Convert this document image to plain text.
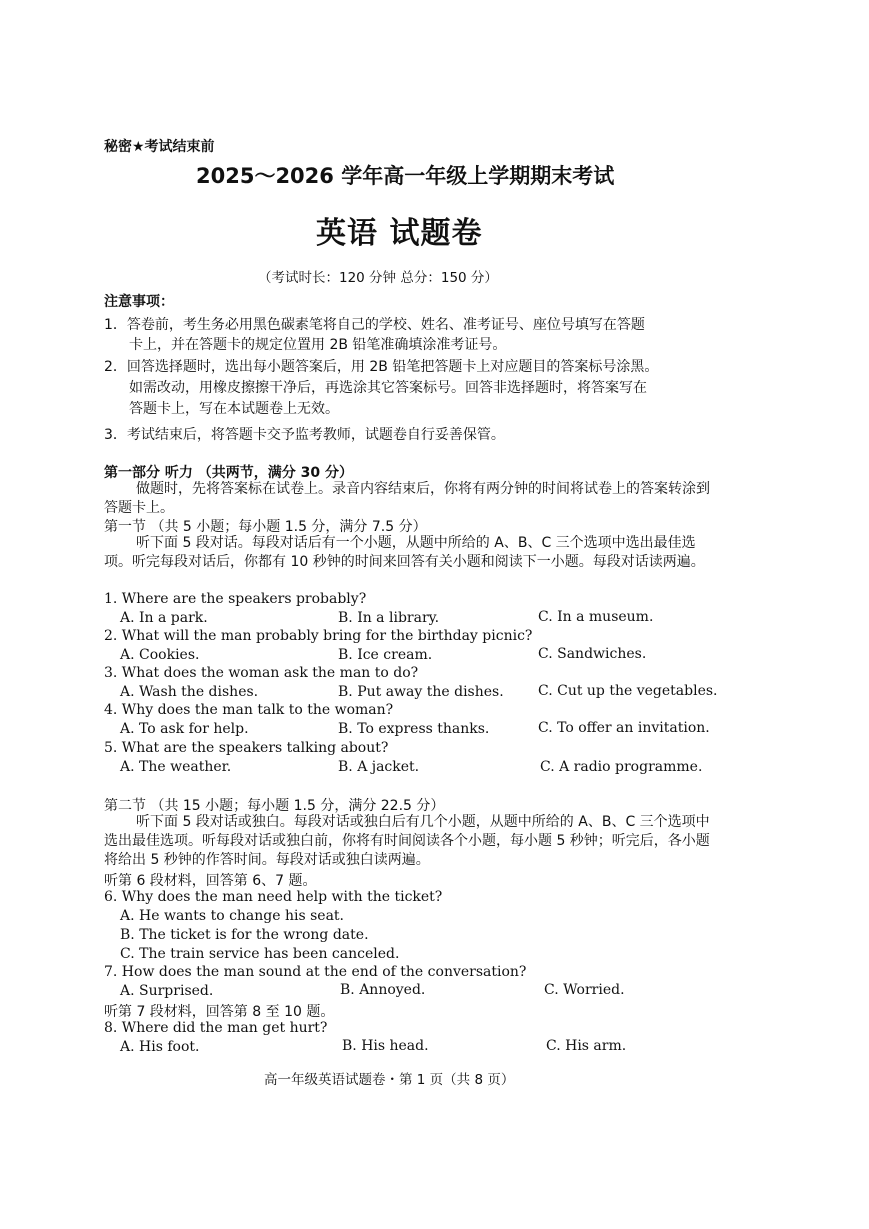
秘密★考试结束前
2025～2026 学年高一年级上学期期末考试
英语 试题卷
（考试时长：120 分钟 总分：150 分）
注意事项：
1．答卷前，考生务必用黑色碳素笔将自己的学校、姓名、准考证号、座位号填写在答题
卡上，并在答题卡的规定位置用 2B 铅笔准确填涂准考证号。
2．回答选择题时，选出每小题答案后，用 2B 铅笔把答题卡上对应题目的答案标号涂黑。
如需改动，用橡皮擦擦干净后，再选涂其它答案标号。回答非选择题时，将答案写在
答题卡上，写在本试题卷上无效。
3．考试结束后，将答题卡交予监考教师，试题卷自行妥善保管。
第一部分 听力 （共两节，满分 30 分）
做题时，先将答案标在试卷上。录音内容结束后，你将有两分钟的时间将试卷上的答案转涂到答题卡上。
第一节 （共 5 小题；每小题 1.5 分，满分 7.5 分）
听下面 5 段对话。每段对话后有一个小题，从题中所给的 A、B、C 三个选项中选出最佳选项。听完每段对话后，你都有 10 秒钟的时间来回答有关小题和阅读下一小题。每段对话读两遍。
1. Where are the speakers probably?
A. In a park.	B. In a library.	C. In a museum.
2. What will the man probably bring for the birthday picnic?
A. Cookies.	B. Ice cream.	C. Sandwiches.
3. What does the woman ask the man to do?
A. Wash the dishes.	B. Put away the dishes. C. Cut up the vegetables.
4. Why does the man talk to the woman?
A. To ask for help.	B. To express thanks.	C. To offer an invitation.
5. What are the speakers talking about?
A. The weather.	B. A jacket.	C. A radio programme.
第二节 （共 15 小题；每小题 1.5 分，满分 22.5 分）
听下面 5 段对话或独白。每段对话或独白后有几个小题，从题中所给的 A、B、C 三个选项中选出最佳选项。听每段对话或独白前，你将有时间阅读各个小题，每小题 5 秒钟；听完后，各小题将给出 5 秒钟的作答时间。每段对话或独白读两遍。
听第 6 段材料，回答第 6、7 题。
6. Why does the man need help with the ticket?
A. He wants to change his seat.
B. The ticket is for the wrong date.
C. The train service has been canceled.
7. How does the man sound at the end of the conversation?
A. Surprised.	B. Annoyed.	C. Worried.
听第 7 段材料，回答第 8 至 10 题。
8. Where did the man get hurt?
A. His foot.	B. His head.	C. His arm.
高一年级英语试题卷・第 1 页（共 8 页）
